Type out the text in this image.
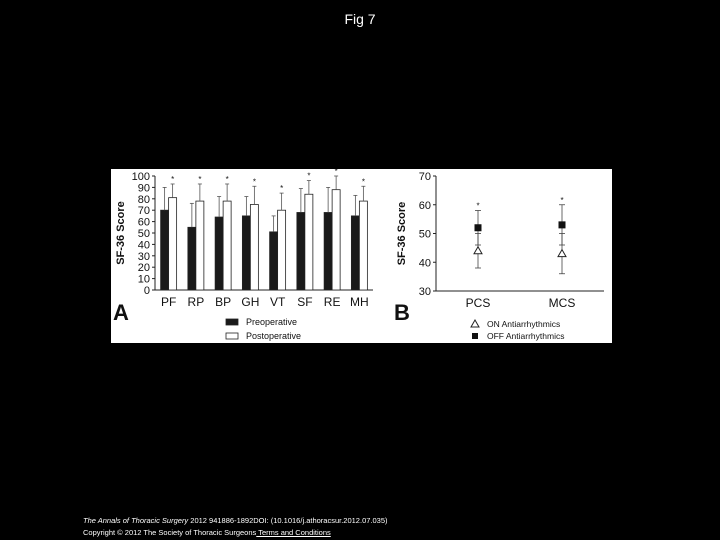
Fig 7
0
10
20
30
40
50
60
70
80
90
100
SF-36 Score
*
PF
*
RP
*
BP
*
GH
*
VT
*
SF
*
RE
*
MH
A	Preoperative
Postoperative
30
40
50
60
70
SF-36 Score	*
PCS
*
MCS
B	ON Antiarrhythmics
OFF Antiarrhythmics
The Annals of Thoracic Surgery 2012 941886-1892DOI: (10.1016/j.athoracsur.2012.07.035)
Copyright © 2012 The Society of Thoracic Surgeons Terms and Conditions
